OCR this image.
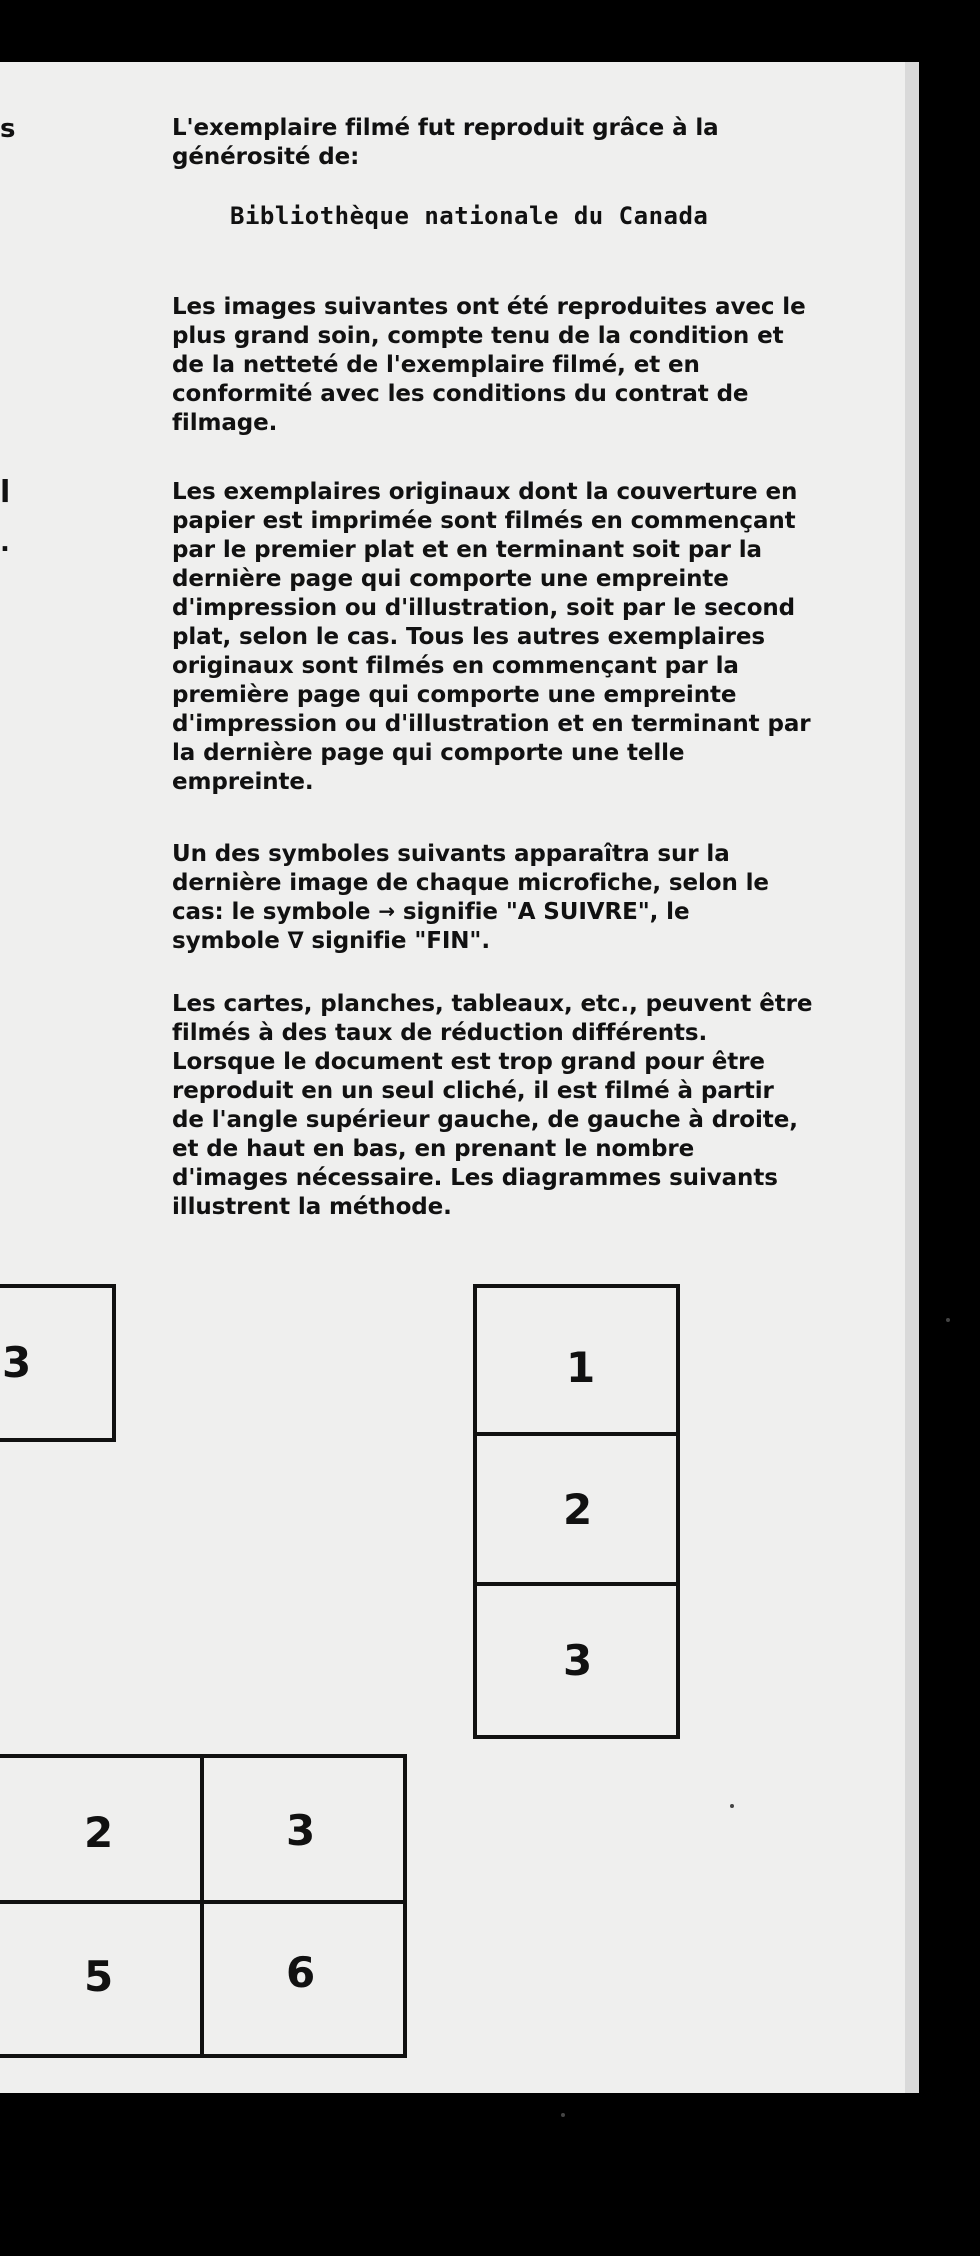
s
l
.
L'exemplaire filmé fut reproduit grâce à la
générosité de:
Bibliothèque nationale du Canada
Les images suivantes ont été reproduites avec le
plus grand soin, compte tenu de la condition et
de la netteté de l'exemplaire filmé, et en
conformité avec les conditions du contrat de
filmage.
Les exemplaires originaux dont la couverture en
papier est imprimée sont filmés en commençant
par le premier plat et en terminant soit par la
dernière page qui comporte une empreinte
d'impression ou d'illustration, soit par le second
plat, selon le cas. Tous les autres exemplaires
originaux sont filmés en commençant par la
première page qui comporte une empreinte
d'impression ou d'illustration et en terminant par
la dernière page qui comporte une telle
empreinte.
Un des symboles suivants apparaîtra sur la
dernière image de chaque microfiche, selon le
cas: le symbole → signifie "A SUIVRE", le
symbole ∇ signifie "FIN".
Les cartes, planches, tableaux, etc., peuvent être
filmés à des taux de réduction différents.
Lorsque le document est trop grand pour être
reproduit en un seul cliché, il est filmé à partir
de l'angle supérieur gauche, de gauche à droite,
et de haut en bas, en prenant le nombre
d'images nécessaire. Les diagrammes suivants
illustrent la méthode.
3	1
2
3
2	3
5	6
